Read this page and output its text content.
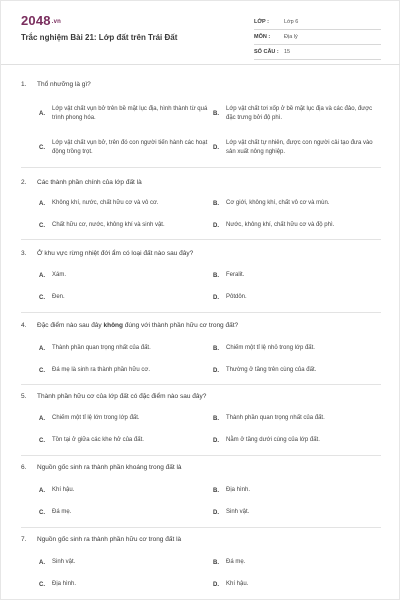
2048.vn
Trắc nghiệm Bài 21: Lớp đất trên Trái Đất
LỚP :	Lớp 6
MÔN :	Địa lý
SỐ CÂU : 15
1. Thổ nhưỡng là gì?
A.
Lớp vật chất vụn bở trên bề mặt lục địa, hình thành từ quá trình phong hóa.
B.
Lớp vật chất tơi xốp ở bề mặt lục địa và các đảo, được đặc trưng bởi độ phì.
C.
Lớp vật chất vụn bở, trên đó con người tiến hành các hoạt động trồng trọt.
D.
Lớp vật chất tự nhiên, được con người cải tạo đưa vào sản xuất nông nghiệp.
2. Các thành phần chính của lớp đất là
A.	Không khí, nước, chất hữu cơ và vô cơ.	B.	Cơ giới, không khí, chất vô cơ và mùn.
C.	Chất hữu cơ, nước, không khí và sinh vật.	D.	Nước, không khí, chất hữu cơ và độ phì.
3. Ở khu vực rừng nhiệt đới ẩm có loại đất nào sau đây?
A.	Xám.	B.	Feralit.
C.	Đen.	D.	Pôtdôn.
4. Đặc điểm nào sau đây không đúng với thành phần hữu cơ trong đất?
A.	Thành phần quan trọng nhất của đất.	B.	Chiếm một tỉ lệ nhỏ trong lớp đất.
C.	Đá mẹ là sinh ra thành phần hữu cơ.	D.	Thường ở tầng trên cùng của đất.
5. Thành phần hữu cơ của lớp đất có đặc điểm nào sau đây?
A.	Chiếm một tỉ lệ lớn trong lớp đất.	B.	Thành phần quan trọng nhất của đất.
C.	Tồn tại ở giữa các khe hở của đất.	D.	Nằm ở tầng dưới cùng của lớp đất.
6. Nguồn gốc sinh ra thành phần khoáng trong đất là
A.	Khí hậu.	B.	Địa hình.
C.	Đá mẹ.	D.	Sinh vật.
7. Nguồn gốc sinh ra thành phần hữu cơ trong đất là
A.	Sinh vật.	B.	Đá mẹ.
C.	Địa hình.	D.	Khí hậu.
